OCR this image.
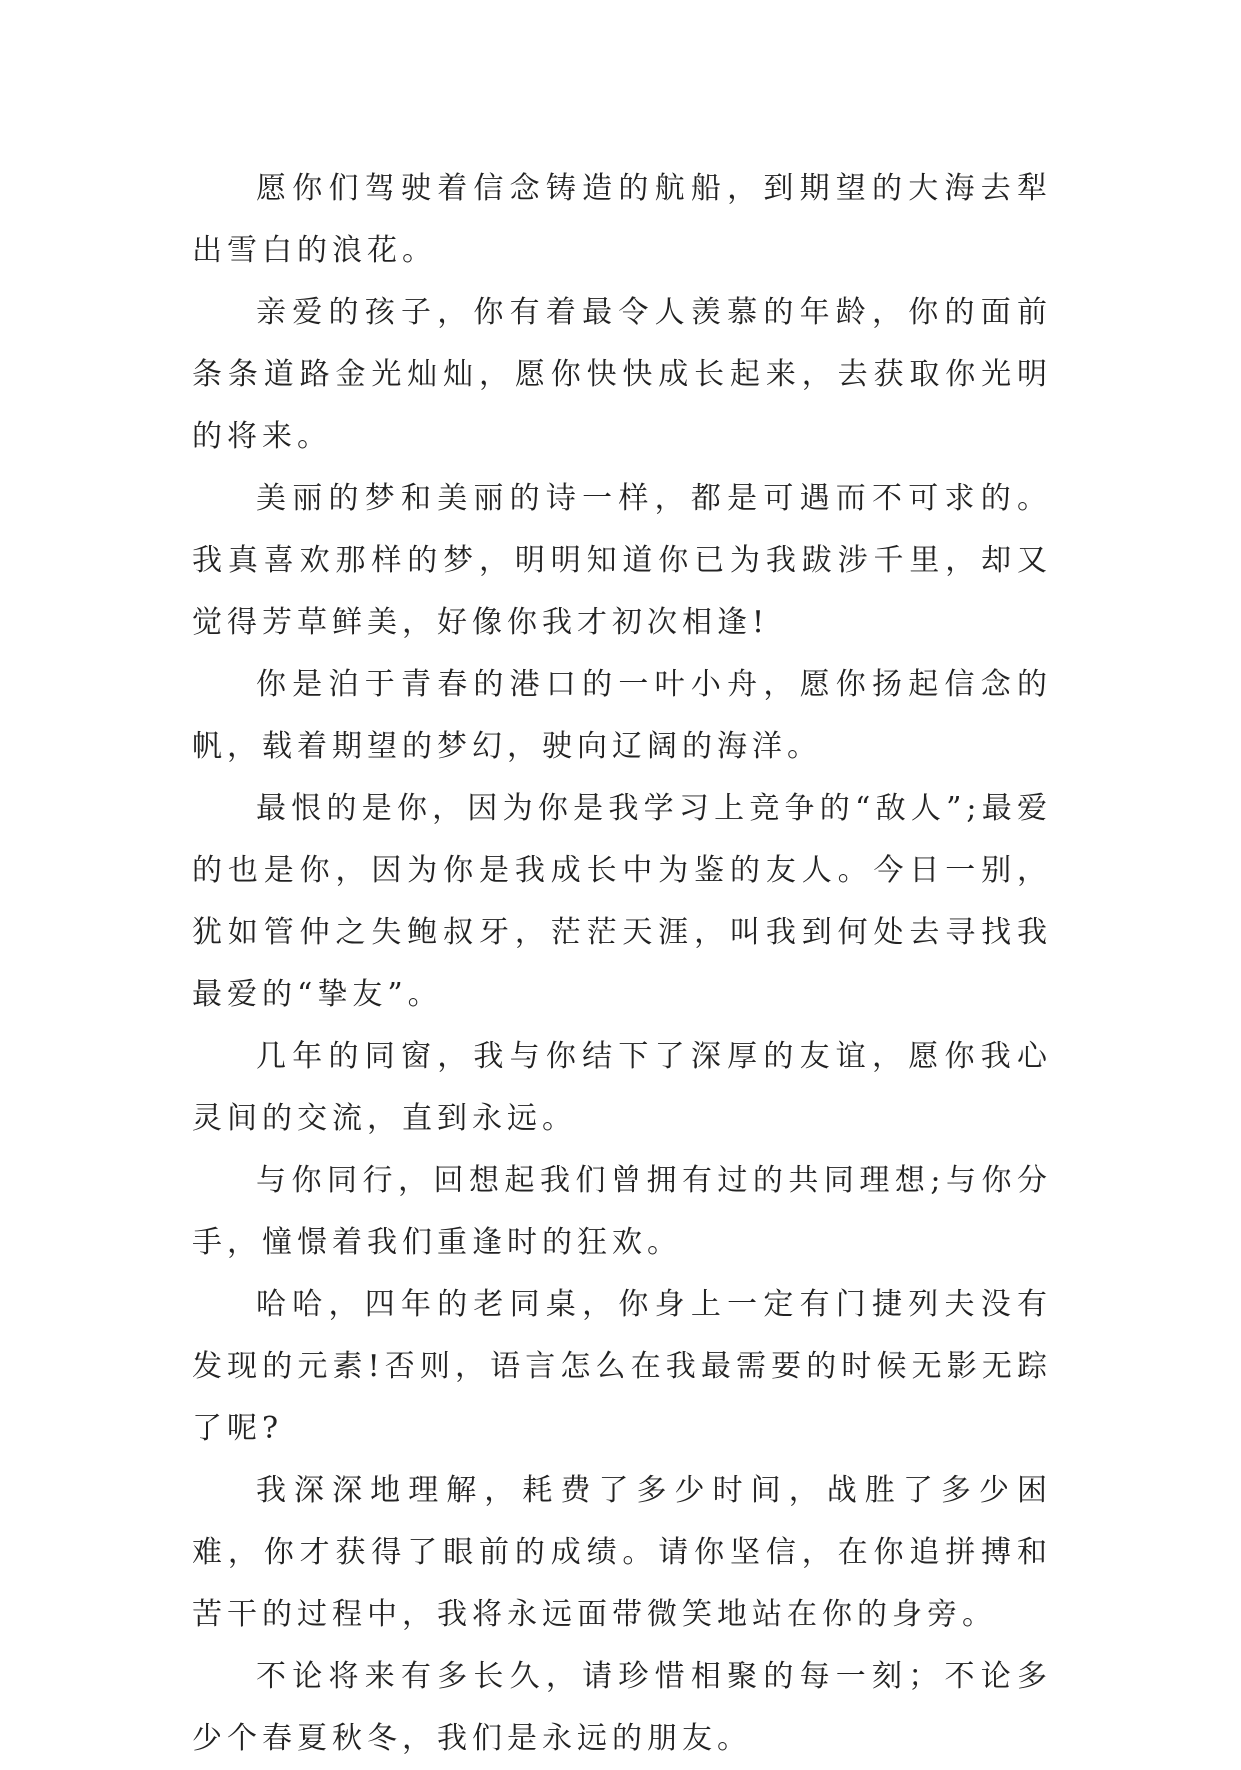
愿你们驾驶着信念铸造的航船，到期望的大海去犁出雪白的浪花。

亲爱的孩子，你有着最令人羡慕的年龄，你的面前条条道路金光灿灿，愿你快快成长起来，去获取你光明的将来。

美丽的梦和美丽的诗一样，都是可遇而不可求的。我真喜欢那样的梦，明明知道你已为我跋涉千里，却又觉得芳草鲜美，好像你我才初次相逢!

你是泊于青春的港口的一叶小舟，愿你扬起信念的帆，载着期望的梦幻，驶向辽阔的海洋。

最恨的是你，因为你是我学习上竞争的“敌人”;最爱的也是你，因为你是我成长中为鉴的友人。今日一别，犹如管仲之失鲍叔牙，茫茫天涯，叫我到何处去寻找我最爱的“挚友”。

几年的同窗，我与你结下了深厚的友谊，愿你我心灵间的交流，直到永远。

与你同行，回想起我们曾拥有过的共同理想;与你分手，憧憬着我们重逢时的狂欢。

哈哈，四年的老同桌，你身上一定有门捷列夫没有发现的元素!否则，语言怎么在我最需要的时候无影无踪了呢?

我深深地理解，耗费了多少时间，战胜了多少困难，你才获得了眼前的成绩。请你坚信，在你追拼搏和苦干的过程中，我将永远面带微笑地站在你的身旁。

不论将来有多长久，请珍惜相聚的每一刻；不论多少个春夏秋冬，我们是永远的朋友。
